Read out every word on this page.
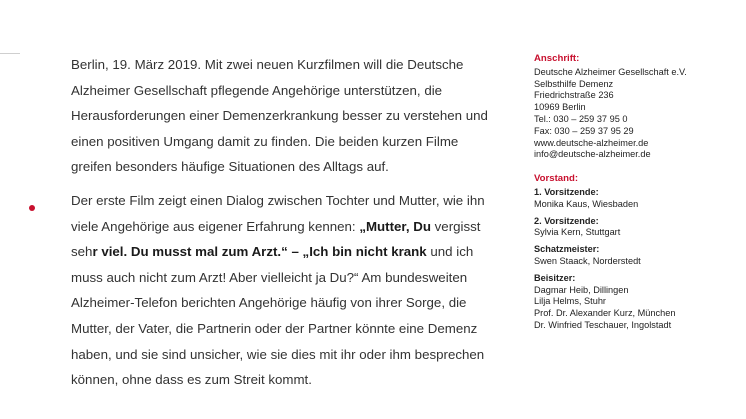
Berlin, 19. März 2019. Mit zwei neuen Kurzfilmen will die Deutsche Alzheimer Gesellschaft pflegende Angehörige unterstützen, die Herausforderungen einer Demenzerkrankung besser zu verstehen und einen positiven Umgang damit zu finden. Die beiden kurzen Filme greifen besonders häufige Situationen des Alltags auf.

Der erste Film zeigt einen Dialog zwischen Tochter und Mutter, wie ihn viele Angehörige aus eigener Erfahrung kennen: „Mutter, Du vergisst sehr viel. Du musst mal zum Arzt.“ – „Ich bin nicht krank und ich muss auch nicht zum Arzt! Aber vielleicht ja Du?“ Am bundesweiten Alzheimer-Telefon berichten Angehörige häufig von ihrer Sorge, die Mutter, der Vater, die Partnerin oder der Partner könnte eine Demenz haben, und sie sind unsicher, wie sie dies mit ihr oder ihm besprechen können, ohne dass es zum Streit kommt.

Anschrift:
Deutsche Alzheimer Gesellschaft e.V.
Selbsthilfe Demenz
Friedrichstraße 236
10969 Berlin
Tel.: 030 – 259 37 95 0
Fax: 030 – 259 37 95 29
www.deutsche-alzheimer.de
info@deutsche-alzheimer.de
Vorstand:
1. Vorsitzende:
Monika Kaus, Wiesbaden
2. Vorsitzende:
Sylvia Kern, Stuttgart
Schatzmeister:
Swen Staack, Norderstedt
Beisitzer:
Dagmar Heib, Dillingen
Lilja Helms, Stuhr
Prof. Dr. Alexander Kurz, München
Dr. Winfried Teschauer, Ingolstadt
